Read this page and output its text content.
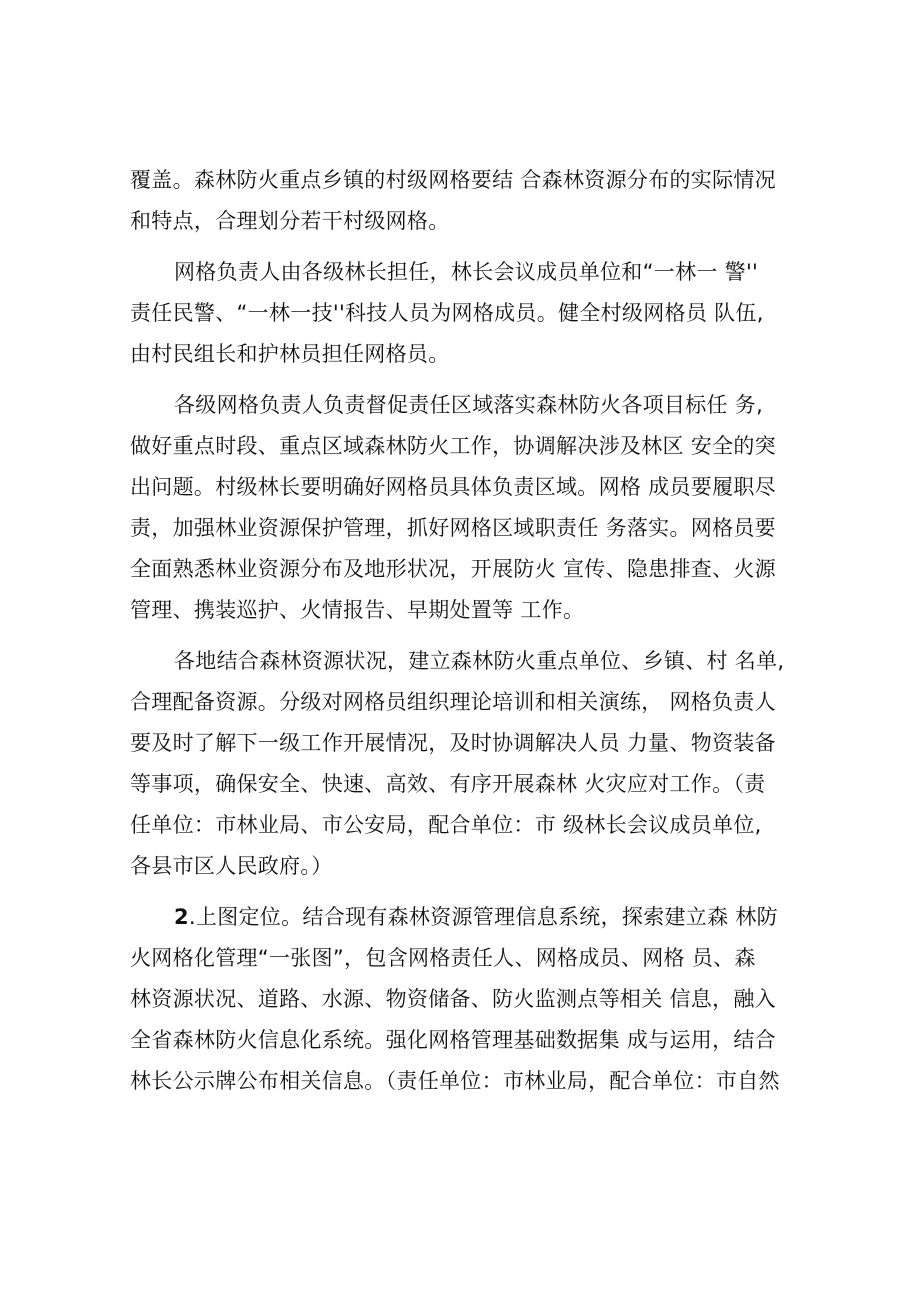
覆盖。森林防火重点乡镇的村级网格要结 合森林资源分布的实际情况
和特点，合理划分若干村级网格。

网格负责人由各级林长担任，林长会议成员单位和“一林一 警''
责任民警、“一林一技''科技人员为网格成员。健全村级网格员 队伍,
由村民组长和护林员担任网格员。

各级网格负责人负责督促责任区域落实森林防火各项目标任 务,
做好重点时段、重点区域森林防火工作，协调解决涉及林区 安全的突
出问题。村级林长要明确好网格员具体负责区域。网格 成员要履职尽
责，加强林业资源保护管理，抓好网格区域职责任 务落实。网格员要
全面熟悉林业资源分布及地形状况，开展防火 宣传、隐患排查、火源
管理、携装巡护、火情报告、早期处置等 工作。

各地结合森林资源状况，建立森林防火重点单位、乡镇、村 名单,
合理配备资源。分级对网格员组织理论培训和相关演练， 网格负责人
要及时了解下一级工作开展情况，及时协调解决人员 力量、物资装备
等事项，确保安全、快速、高效、有序开展森林 火灾应对工作。（责
任单位：市林业局、市公安局，配合单位：市 级林长会议成员单位,
各县市区人民政府。）

2.上图定位。结合现有森林资源管理信息系统，探索建立森 林防
火网格化管理“一张图”，包含网格责任人、网格成员、网格 员、森
林资源状况、道路、水源、物资储备、防火监测点等相关 信息，融入
全省森林防火信息化系统。强化网格管理基础数据集 成与运用，结合
林长公示牌公布相关信息。（责任单位：市林业局，配合单位：市自然
